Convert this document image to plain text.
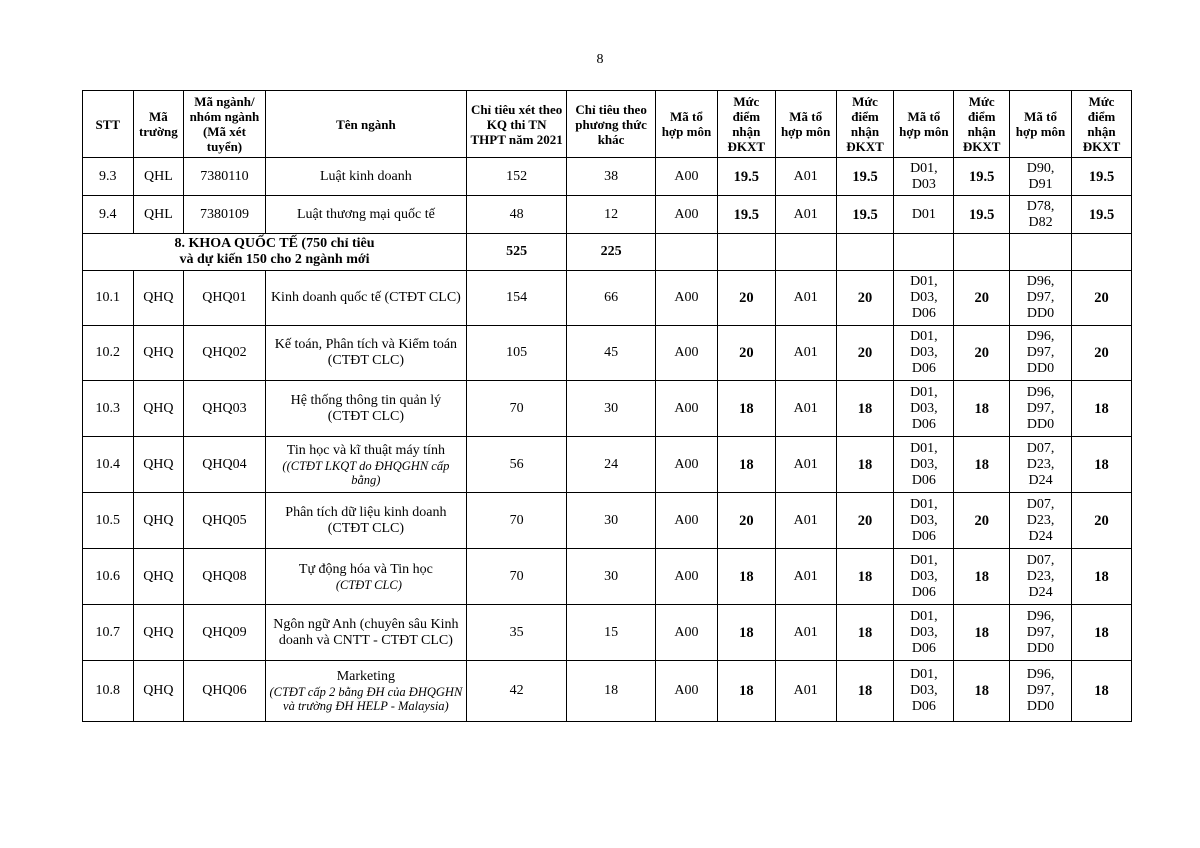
8
STT	Mã trường	Mã ngành/ nhóm ngành (Mã xét tuyển)	Tên ngành	Chỉ tiêu xét theo KQ thi TN THPT năm 2021	Chỉ tiêu theo phương thức khác	Mã tổ hợp môn	Mức điểm nhận ĐKXT	Mã tổ hợp môn	Mức điểm nhận ĐKXT	Mã tổ hợp môn	Mức điểm nhận ĐKXT	Mã tổ hợp môn	Mức điểm nhận ĐKXT
9.3	QHL	7380110	Luật kinh doanh	152	38	A00	19.5	A01	19.5	D01, D03	19.5	D90, D91	19.5
9.4	QHL	7380109	Luật thương mại quốc tế	48	12	A00	19.5	A01	19.5	D01	19.5	D78, D82	19.5

8. KHOA QUỐC TẾ (750 chỉ tiêu
và dự kiến 150 cho 2 ngành mới				525	225								
10.1	QHQ	QHQ01	Kinh doanh quốc tế (CTĐT CLC)	154	66	A00	20	A01	20	D01, D03, D06	20	D96, D97, DD0	20
10.2	QHQ	QHQ02	Kế toán, Phân tích và Kiểm toán (CTĐT CLC)	105	45	A00	20	A01	20	D01, D03, D06	20	D96, D97, DD0	20
10.3	QHQ	QHQ03	Hệ thống thông tin quản lý (CTĐT CLC)	70	30	A00	18	A01	18	D01, D03, D06	18	D96, D97, DD0	18
10.4	QHQ	QHQ04	Tin học và kĩ thuật máy tính
((CTĐT LKQT do ĐHQGHN cấp bằng)	56	24	A00	18	A01	18	D01, D03, D06	18	D07, D23, D24	18
10.5	QHQ	QHQ05	Phân tích dữ liệu kinh doanh (CTĐT CLC)	70	30	A00	20	A01	20	D01, D03, D06	20	D07, D23, D24	20
10.6	QHQ	QHQ08	Tự động hóa và Tin học
(CTĐT CLC)	70	30	A00	18	A01	18	D01, D03, D06	18	D07, D23, D24	18
10.7	QHQ	QHQ09	Ngôn ngữ Anh (chuyên sâu Kinh doanh và CNTT - CTĐT CLC)	35	15	A00	18	A01	18	D01, D03, D06	18	D96, D97, DD0	18
10.8	QHQ	QHQ06	Marketing
(CTĐT cấp 2 bằng ĐH của ĐHQGHN và trường ĐH HELP - Malaysia)	42	18	A00	18	A01	18	D01, D03, D06	18	D96, D97, DD0	18
